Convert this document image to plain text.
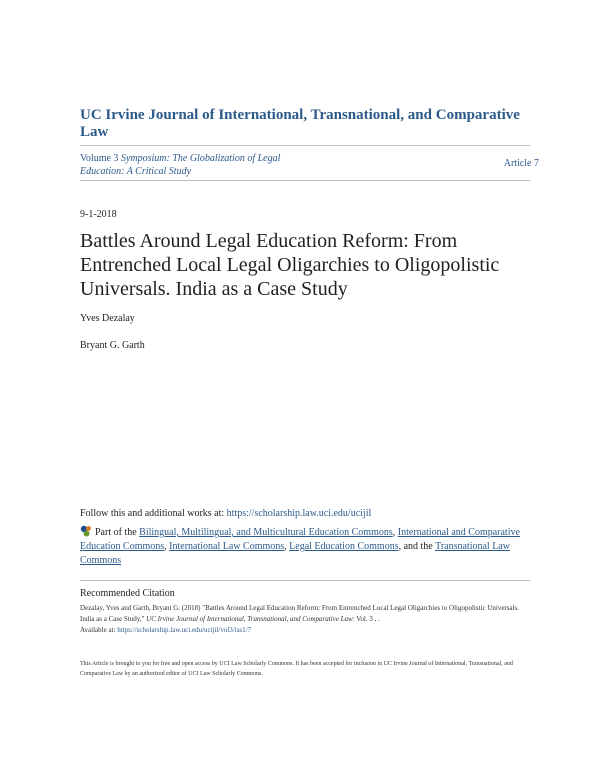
UC Irvine Journal of International, Transnational, and Comparative Law
Volume 3 Symposium: The Globalization of Legal Education: A Critical Study
Article 7
9-1-2018
Battles Around Legal Education Reform: From Entrenched Local Legal Oligarchies to Oligopolistic Universals. India as a Case Study
Yves Dezalay
Bryant G. Garth
Follow this and additional works at: https://scholarship.law.uci.edu/ucijil
Part of the Bilingual, Multilingual, and Multicultural Education Commons, International and Comparative Education Commons, International Law Commons, Legal Education Commons, and the Transnational Law Commons
Recommended Citation
Dezalay, Yves and Garth, Bryant G. (2018) "Battles Around Legal Education Reform: From Entrenched Local Legal Oligarchies to Oligopolistic Universals. India as a Case Study," UC Irvine Journal of International, Transnational, and Comparative Law: Vol. 3 , .
Available at: https://scholarship.law.uci.edu/ucijil/vol3/iss1/7
This Article is brought to you for free and open access by UCI Law Scholarly Commons. It has been accepted for inclusion in UC Irvine Journal of International, Transnational, and Comparative Law by an authorized editor of UCI Law Scholarly Commons.
